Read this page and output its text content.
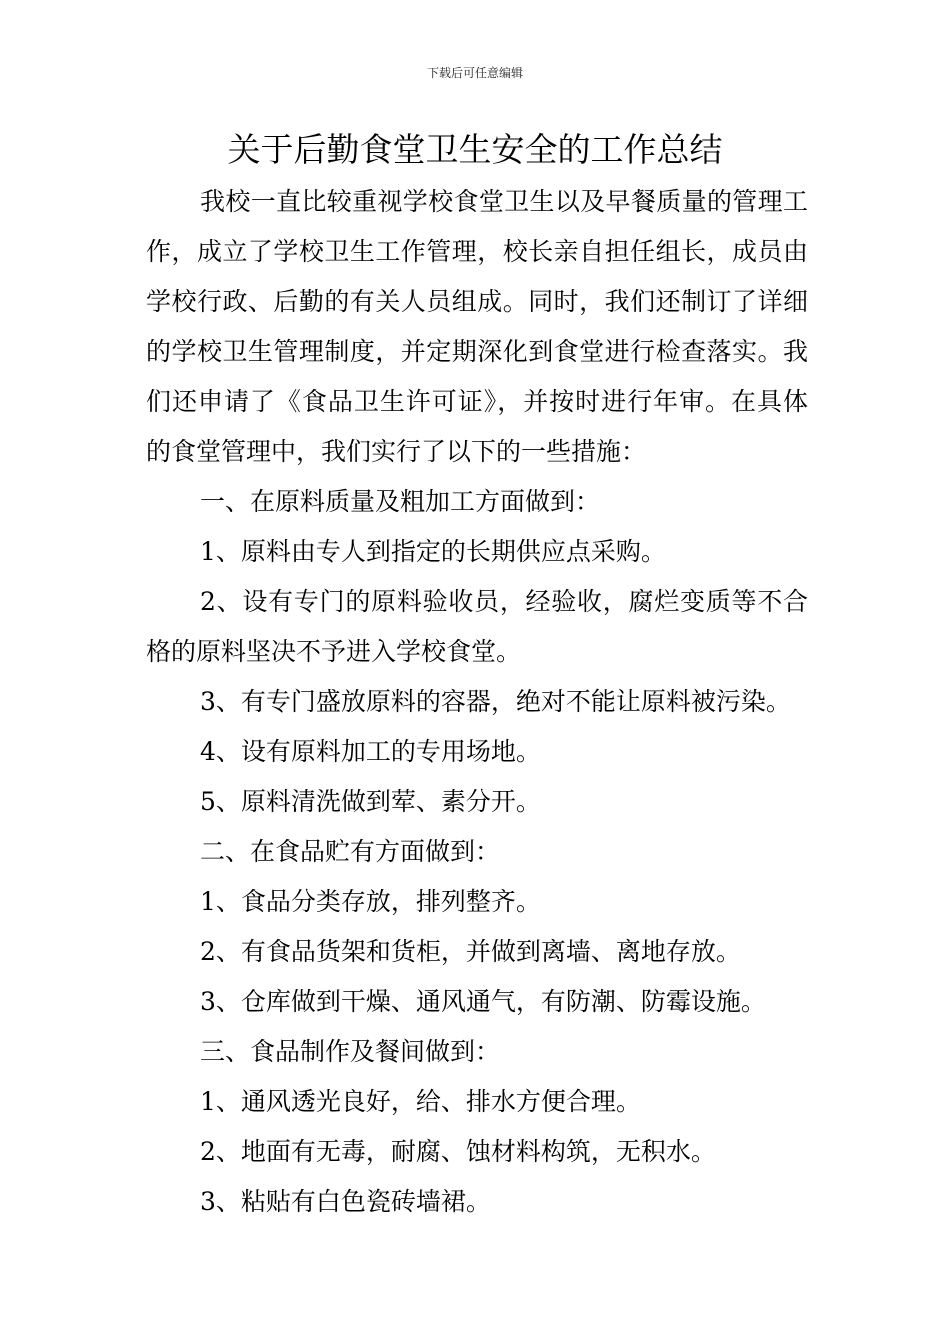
下载后可任意编辑
关于后勤食堂卫生安全的工作总结

我校一直比较重视学校食堂卫生以及早餐质量的管理工作，成立了学校卫生工作管理，校长亲自担任组长，成员由学校行政、后勤的有关人员组成。同时，我们还制订了详细的学校卫生管理制度，并定期深化到食堂进行检查落实。我们还申请了《食品卫生许可证》，并按时进行年审。在具体的食堂管理中，我们实行了以下的一些措施：

一、在原料质量及粗加工方面做到：

1、原料由专人到指定的长期供应点采购。

2、设有专门的原料验收员，经验收，腐烂变质等不合格的原料坚决不予进入学校食堂。

3、有专门盛放原料的容器，绝对不能让原料被污染。

4、设有原料加工的专用场地。

5、原料清洗做到荤、素分开。

二、在食品贮有方面做到：

1、食品分类存放，排列整齐。

2、有食品货架和货柜，并做到离墙、离地存放。

3、仓库做到干燥、通风通气，有防潮、防霉设施。

三、食品制作及餐间做到：

1、通风透光良好，给、排水方便合理。

2、地面有无毒，耐腐、蚀材料构筑，无积水。

3、粘贴有白色瓷砖墙裙。
